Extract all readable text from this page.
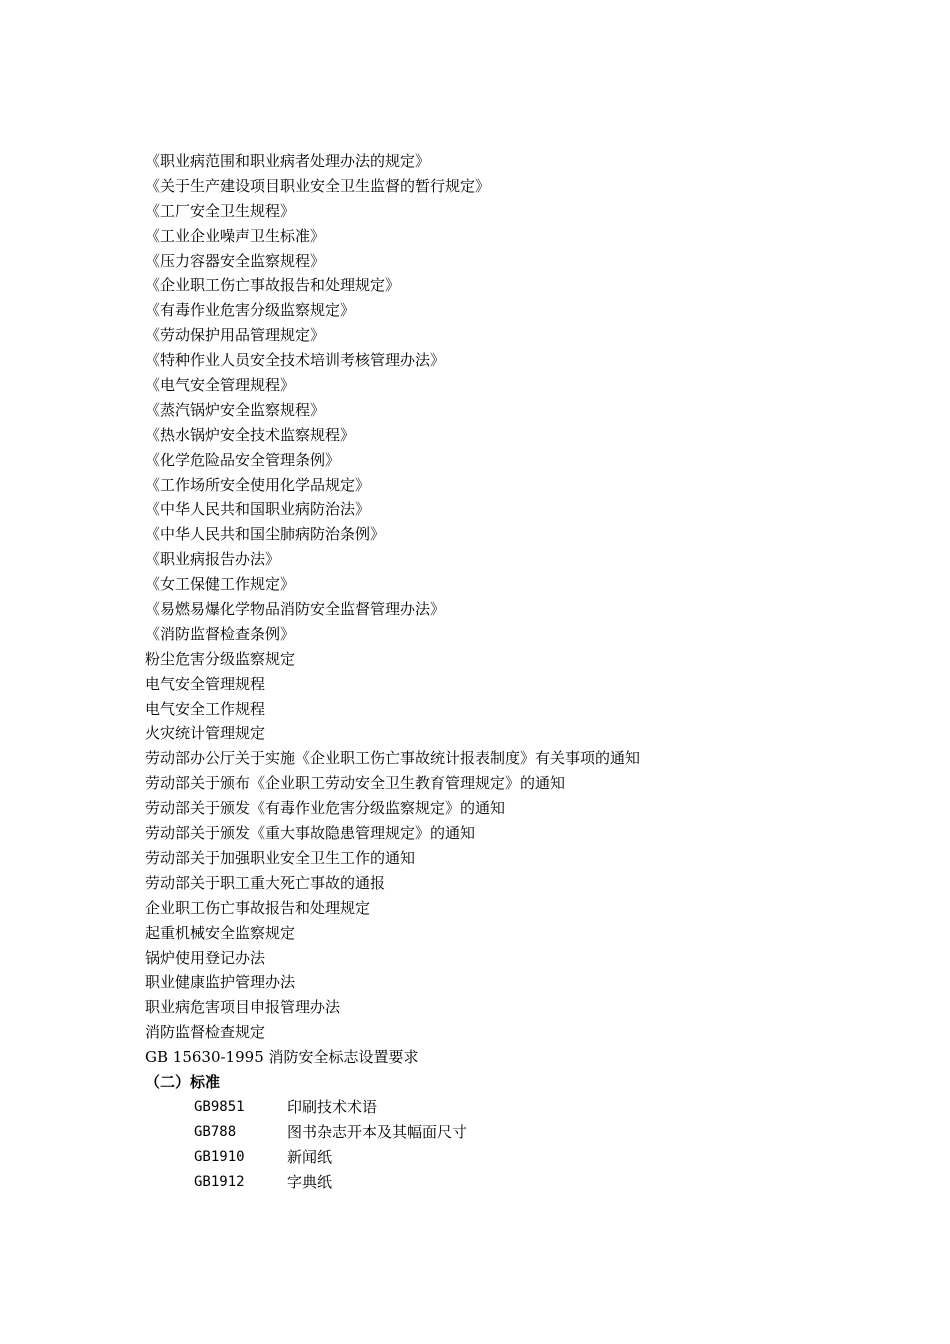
《职业病范围和职业病者处理办法的规定》
《关于生产建设项目职业安全卫生监督的暂行规定》
《工厂安全卫生规程》
《工业企业噪声卫生标准》
《压力容器安全监察规程》
《企业职工伤亡事故报告和处理规定》
《有毒作业危害分级监察规定》
《劳动保护用品管理规定》
《特种作业人员安全技术培训考核管理办法》
《电气安全管理规程》
《蒸汽锅炉安全监察规程》
《热水锅炉安全技术监察规程》
《化学危险品安全管理条例》
《工作场所安全使用化学品规定》
《中华人民共和国职业病防治法》
《中华人民共和国尘肺病防治条例》
《职业病报告办法》
《女工保健工作规定》
《易燃易爆化学物品消防安全监督管理办法》
《消防监督检查条例》
粉尘危害分级监察规定
电气安全管理规程
电气安全工作规程
火灾统计管理规定
劳动部办公厅关于实施《企业职工伤亡事故统计报表制度》有关事项的通知
劳动部关于颁布《企业职工劳动安全卫生教育管理规定》的通知
劳动部关于颁发《有毒作业危害分级监察规定》的通知
劳动部关于颁发《重大事故隐患管理规定》的通知
劳动部关于加强职业安全卫生工作的通知
劳动部关于职工重大死亡事故的通报
企业职工伤亡事故报告和处理规定
起重机械安全监察规定
锅炉使用登记办法
职业健康监护管理办法
职业病危害项目申报管理办法
消防监督检查规定
GB 15630-1995 消防安全标志设置要求
（二）标准
GB9851	印刷技术术语
GB788	图书杂志开本及其幅面尺寸
GB1910	新闻纸
GB1912	字典纸
